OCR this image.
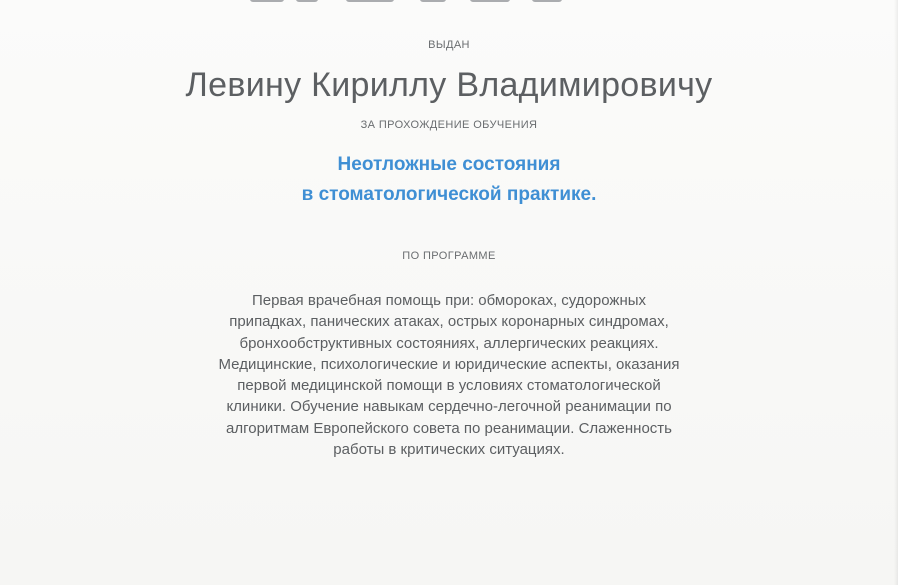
ВЫДАН
Левину Кириллу Владимировичу
ЗА ПРОХОЖДЕНИЕ ОБУЧЕНИЯ
Неотложные состояния
в стоматологической практике.
ПО ПРОГРАММЕ
Первая врачебная помощь при: обмороках, судорожных
припадках, панических атаках, острых коронарных синдромах,
бронхообструктивных состояниях, аллергических реакциях.
Медицинские, психологические и юридические аспекты, оказания
первой медицинской помощи в условиях стоматологической
клиники. Обучение навыкам сердечно-легочной реанимации по
алгоритмам Европейского совета по реанимации. Слаженность
работы в критических ситуациях.
